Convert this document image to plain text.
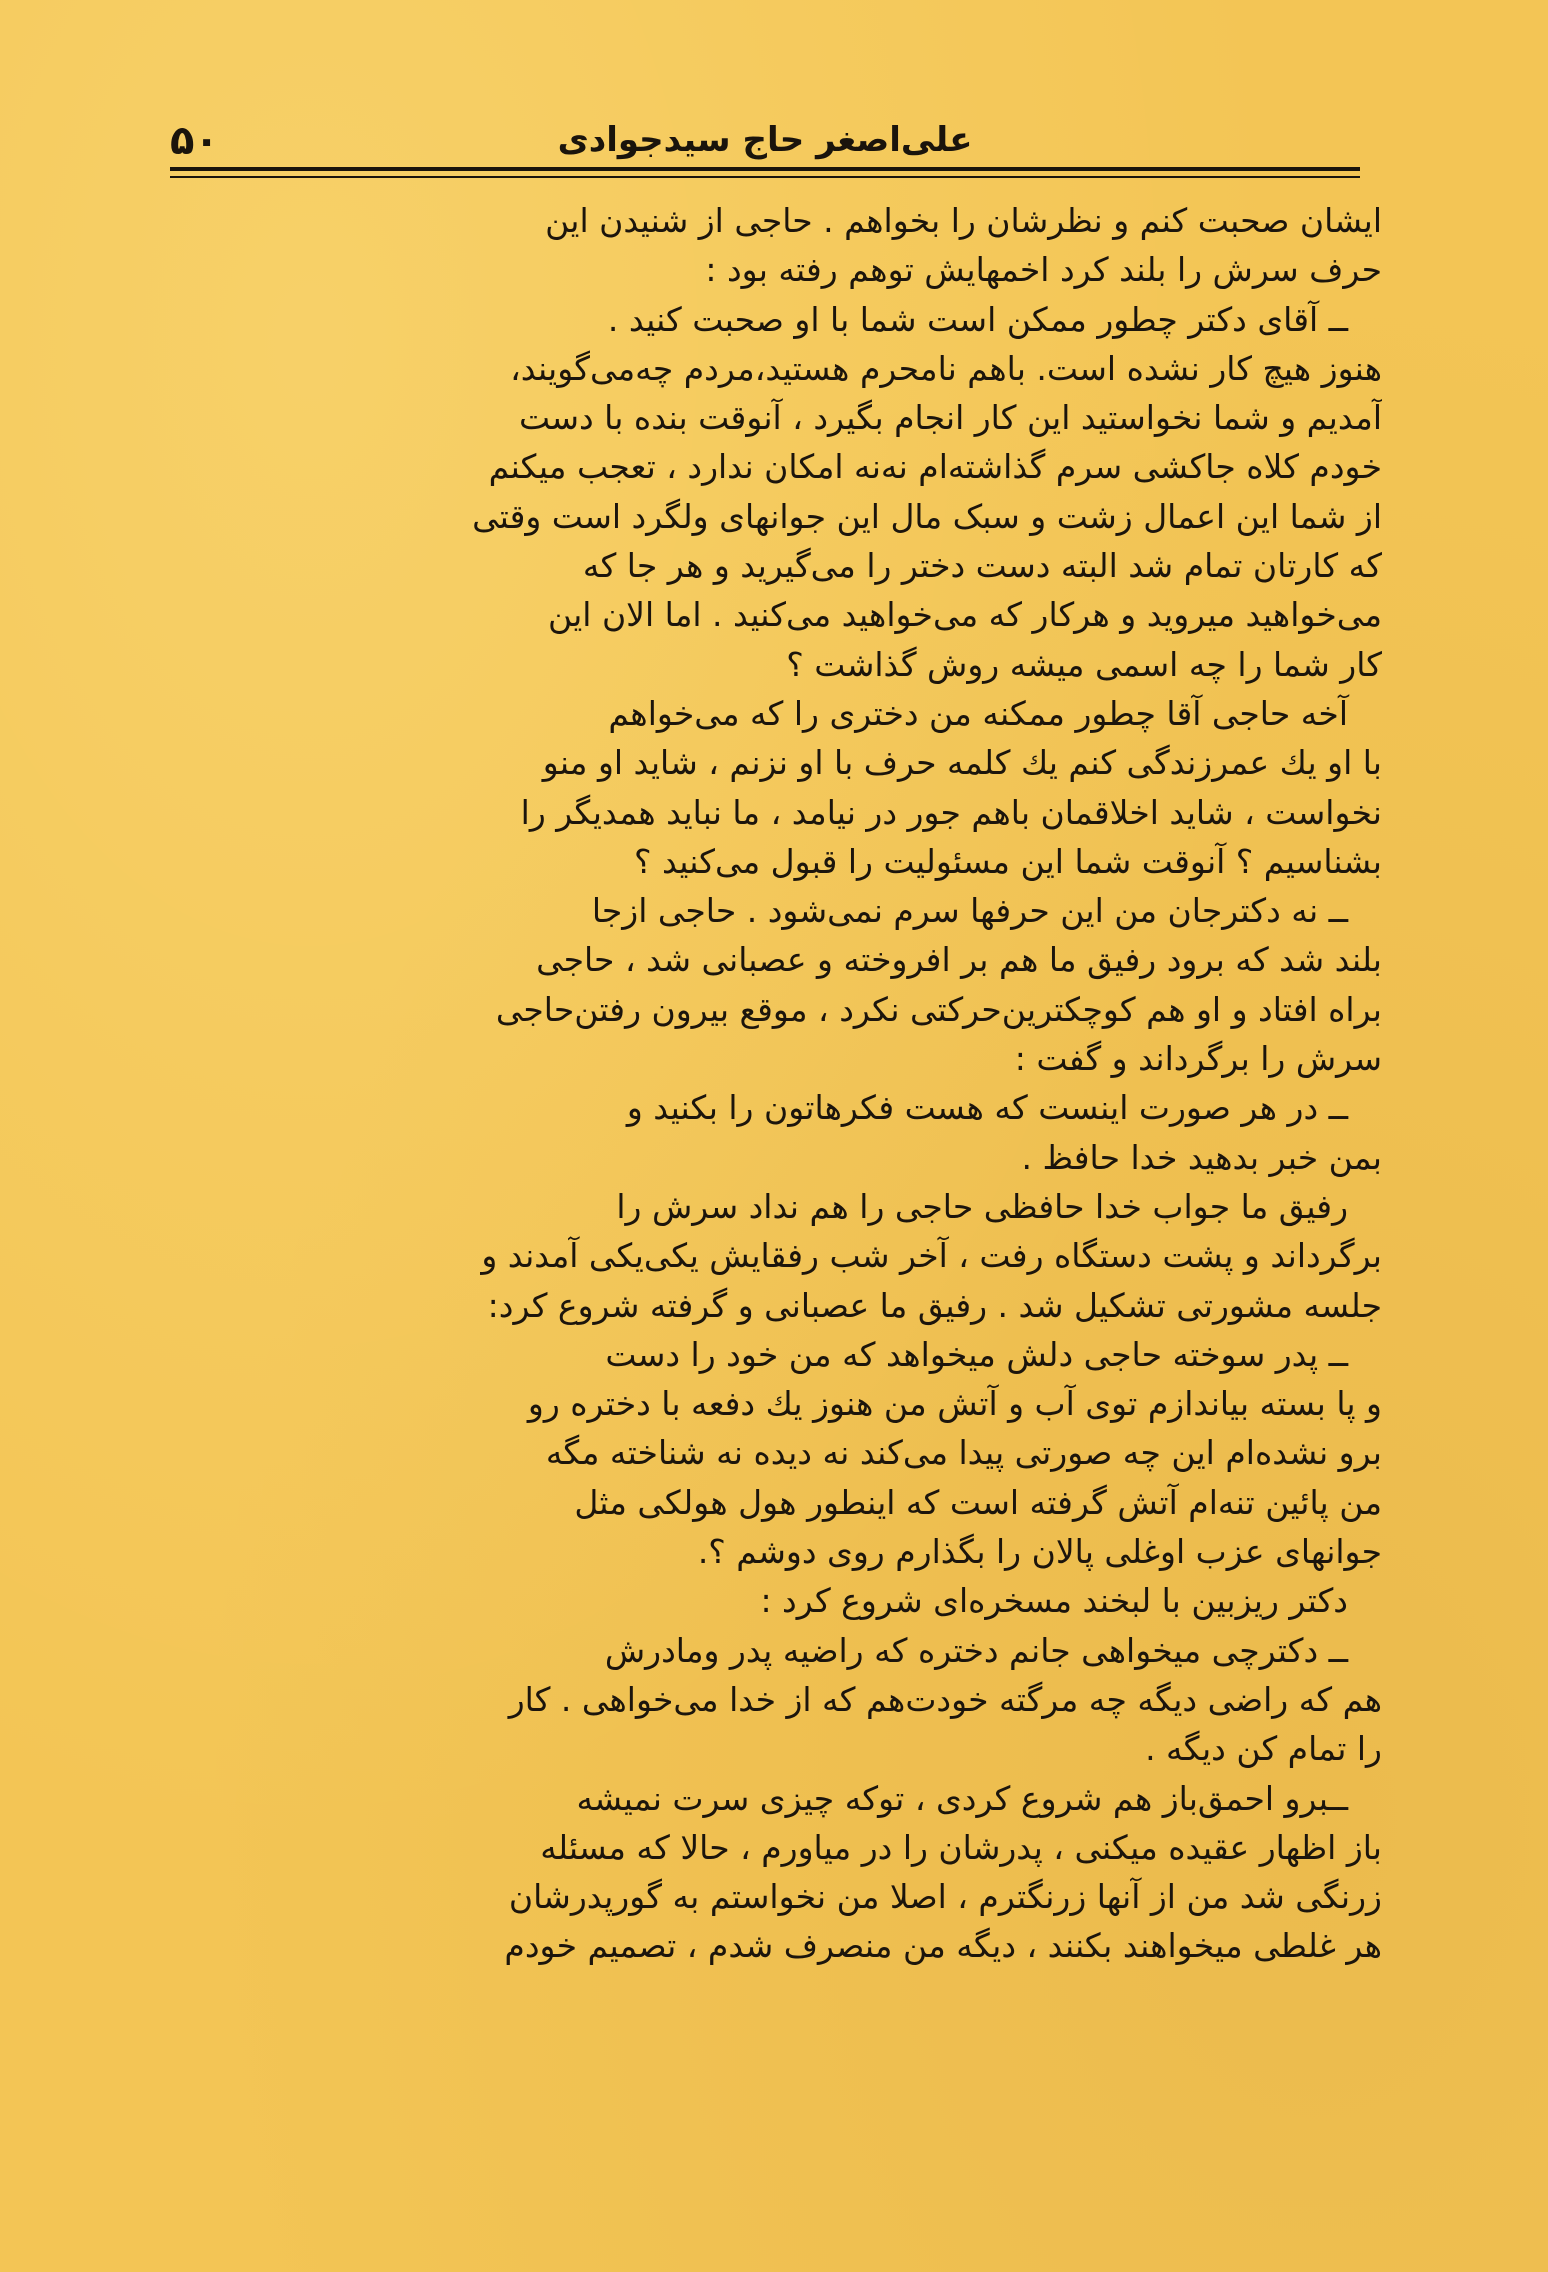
۵۰	علی‌اصغر حاج سیدجوادی
ایشان صحبت کنم و نظرشان را بخواهم . حاجی از شنیدن این
حرف سرش را بلند کرد اخمهایش توهم رفته بود :
ــ آقای دکتر چطور ممکن است شما با او صحبت کنید .
هنوز هیچ کار نشده است. باهم نامحرم هستید،مردم چه‌می‌گویند،
آمدیم و شما نخواستید این کار انجام بگیرد ، آنوقت بنده با دست
خودم کلاه جاکشی سرم گذاشته‌ام نه‌نه امکان ندارد ، تعجب میکنم
از شما این اعمال زشت و سبک مال این جوانهای ولگرد است وقتی
که کارتان تمام شد البته دست دختر را می‌گیرید و هر جا که
می‌خواهید میروید و هرکار که می‌خواهید می‌کنید . اما الان این
کار شما را چه اسمی میشه روش گذاشت ؟
آخه حاجی آقا چطور ممکنه من دختری را که می‌خواهم
با او یك عمرزندگی کنم یك کلمه حرف با او نزنم ، شاید او منو
نخواست ، شاید اخلاقمان باهم جور در نیامد ، ما نباید همدیگر را
بشناسیم ؟ آنوقت شما این مسئولیت را قبول می‌کنید ؟
ــ نه دکترجان من این حرفها سرم نمی‌شود . حاجی ازجا
بلند شد که برود رفیق ما هم بر افروخته و عصبانی شد ، حاجی
براه افتاد و او هم کوچکترین‌حرکتی نکرد ، موقع بیرون رفتن‌حاجی
سرش را برگرداند و گفت :
ــ در هر صورت اینست که هست فکرهاتون را بکنید و
بمن خبر بدهید خدا حافظ .
رفیق ما جواب خدا حافظی حاجی را هم نداد سرش را
برگرداند و پشت دستگاه رفت ، آخر شب رفقایش یکی‌یکی آمدند و
جلسه مشورتی تشکیل شد . رفیق ما عصبانی و گرفته شروع کرد:
ــ پدر سوخته حاجی دلش میخواهد که من خود را دست
و پا بسته بیاندازم توی آب و آتش من هنوز یك دفعه با دختره رو
برو نشده‌ام این چه صورتی پیدا می‌کند نه دیده نه شناخته مگه
من پائین تنه‌ام آتش گرفته است که اینطور هول هولکی مثل
جوانهای عزب اوغلی پالان را بگذارم روی دوشم ؟.
دکتر ریزبین با لبخند مسخره‌ای شروع کرد :
ــ دکترچی میخواهی جانم دختره که راضیه پدر ومادرش
هم که راضی دیگه چه مرگته خودت‌هم که از خدا می‌خواهی . کار
را تمام کن دیگه .
ــبرو احمق‌باز هم شروع کردی ، توکه چیزی سرت نمیشه
باز اظهار عقیده میکنی ، پدرشان را در میاورم ، حالا که مسئله
زرنگی شد من از آنها زرنگترم ، اصلا من نخواستم به گورپدرشان
هر غلطی میخواهند بکنند ، دیگه من منصرف شدم ، تصمیم خودم
